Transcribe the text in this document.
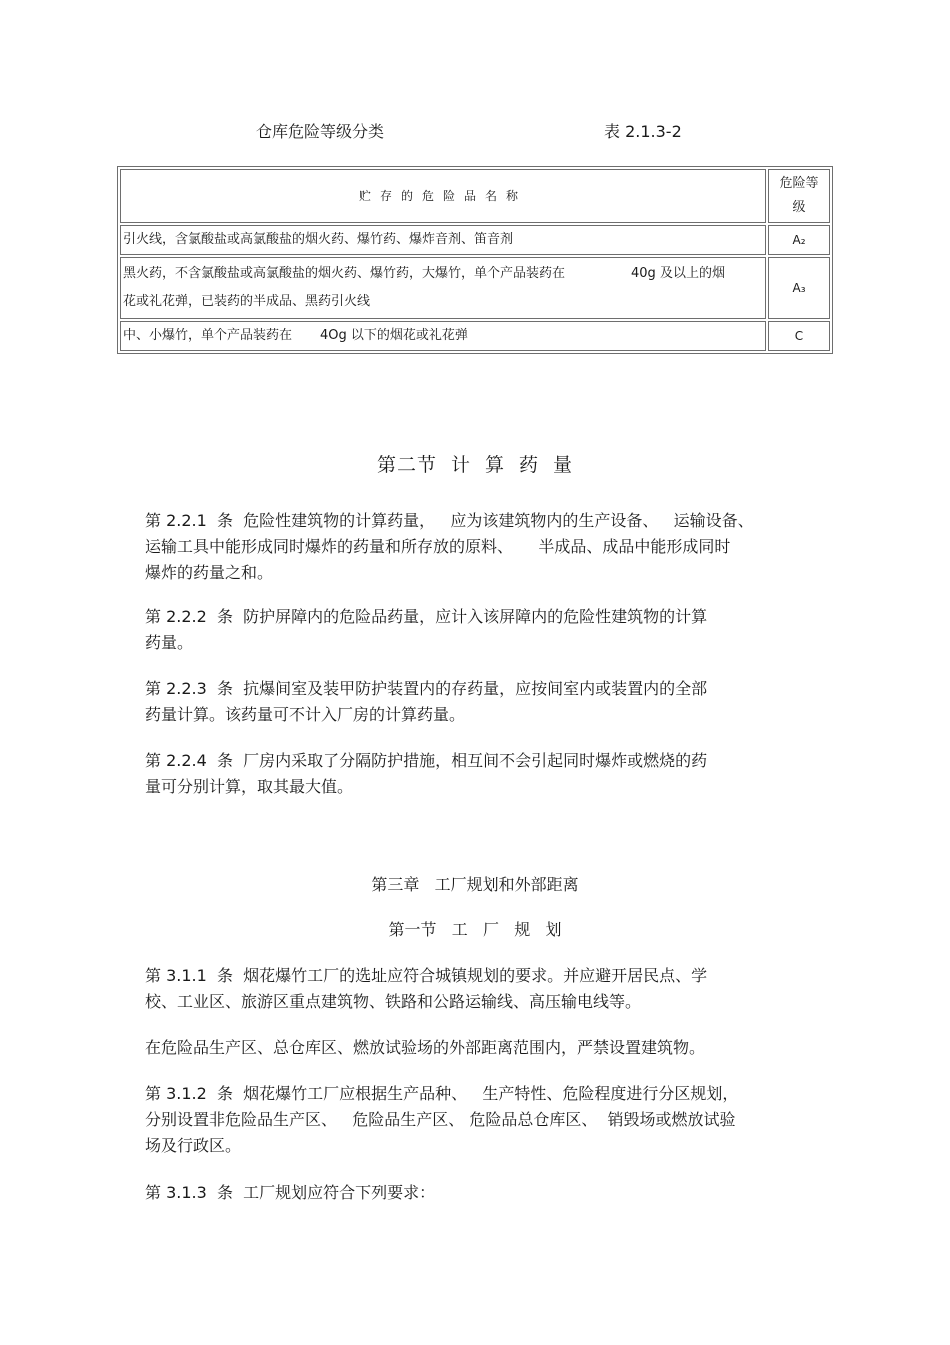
仓库危险等级分类	表 2.1.3-2
贮存的危险品名称	危险等
级

引火线，含氯酸盐或高氯酸盐的烟火药、爆竹药、爆炸音剂、笛音剂	A₂
黑火药，不含氯酸盐或高氯酸盐的烟火药、爆竹药，大爆竹，单个产品装药在 40g 及以上的烟
花或礼花弹，已装药的半成品、黑药引火线	A₃
中、小爆竹，单个产品装药在 4Og 以下的烟花或礼花弹	C
第二节 计 算 药 量
第 2.2.1  条  危险性建筑物的计算药量，   应为该建筑物内的生产设备、   运输设备、
运输工具中能形成同时爆炸的药量和所存放的原料、     半成品、成品中能形成同时
爆炸的药量之和。
第 2.2.2  条  防护屏障内的危险品药量，应计入该屏障内的危险性建筑物的计算
药量。
第 2.2.3  条  抗爆间室及装甲防护装置内的存药量，应按间室内或装置内的全部
药量计算。该药量可不计入厂房的计算药量。
第 2.2.4  条  厂房内采取了分隔防护措施，相互间不会引起同时爆炸或燃烧的药
量可分别计算，取其最大值。
第三章   工厂规划和外部距离
第一节   工   厂   规   划
第 3.1.1  条  烟花爆竹工厂的选址应符合城镇规划的要求。并应避开居民点、学
校、工业区、旅游区重点建筑物、铁路和公路运输线、高压输电线等。
在危险品生产区、总仓库区、燃放试验场的外部距离范围内，严禁设置建筑物。
第 3.1.2  条  烟花爆竹工厂应根据生产品种、   生产特性、危险程度进行分区规划，
分别设置非危险品生产区、   危险品生产区、 危险品总仓库区、  销毁场或燃放试验
场及行政区。
第 3.1.3  条  工厂规划应符合下列要求：
